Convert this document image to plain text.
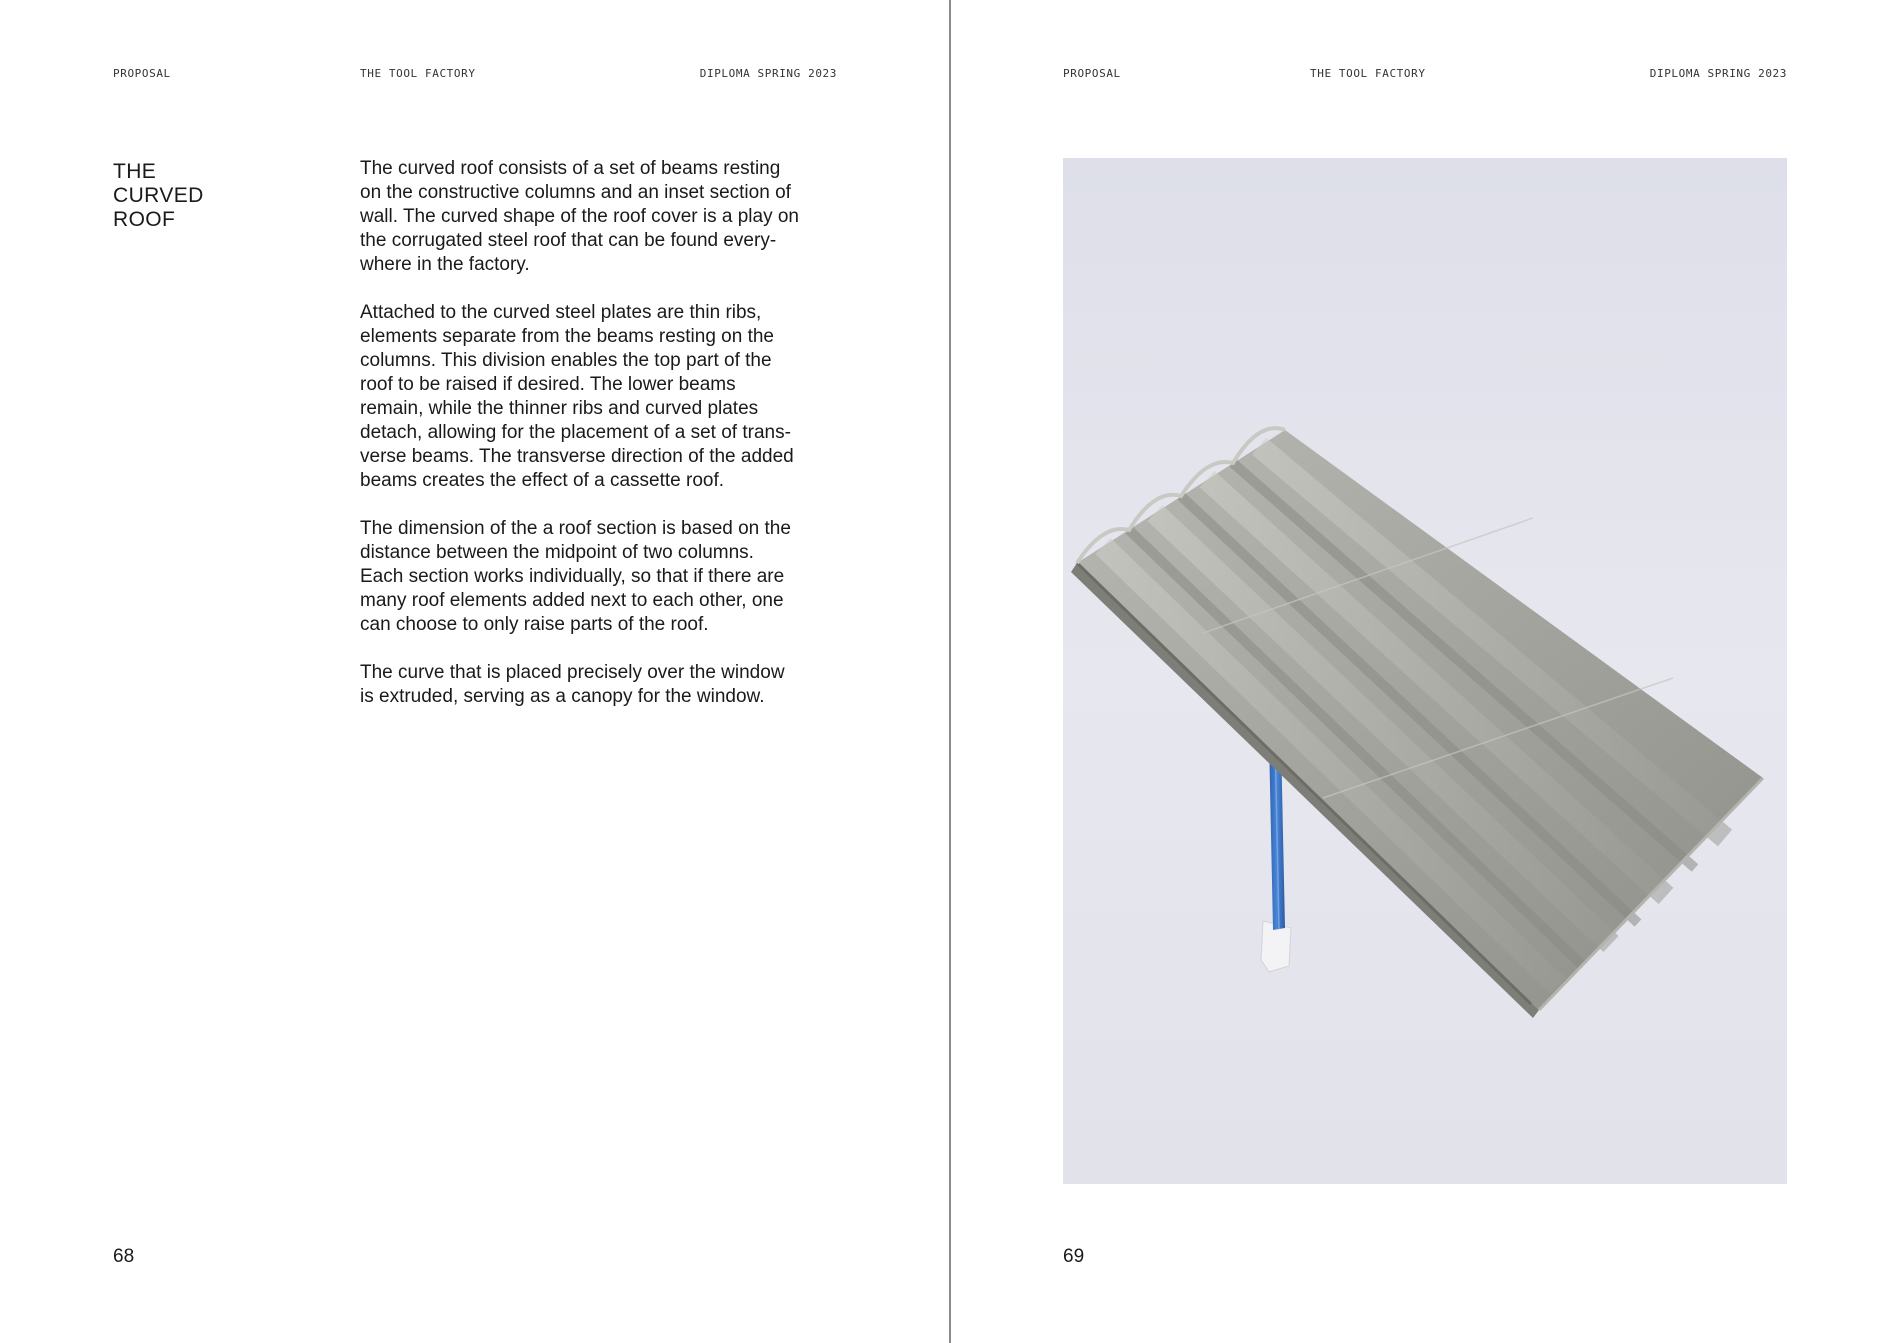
PROPOSAL	THE TOOL FACTORY	DIPLOMA SPRING 2023
THE
CURVED
ROOF

The curved roof consists of a set of beams resting
on the constructive columns and an inset section of
wall. The curved shape of the roof cover is a play on
the corrugated steel roof that can be found every-
where in the factory.

Attached to the curved steel plates are thin ribs,
elements separate from the beams resting on the
columns. This division enables the top part of the
roof to be raised if desired. The lower beams
remain, while the thinner ribs and curved plates
detach, allowing for the placement of a set of trans-
verse beams. The transverse direction of the added
beams creates the effect of a cassette roof.

The dimension of the a roof section is based on the
distance between the midpoint of two columns.
Each section works individually, so that if there are
many roof elements added next to each other, one
can choose to only raise parts of the roof.

The curve that is placed precisely over the window
is extruded, serving as a canopy for the window.

68
PROPOSAL	THE TOOL FACTORY	DIPLOMA SPRING 2023
69
